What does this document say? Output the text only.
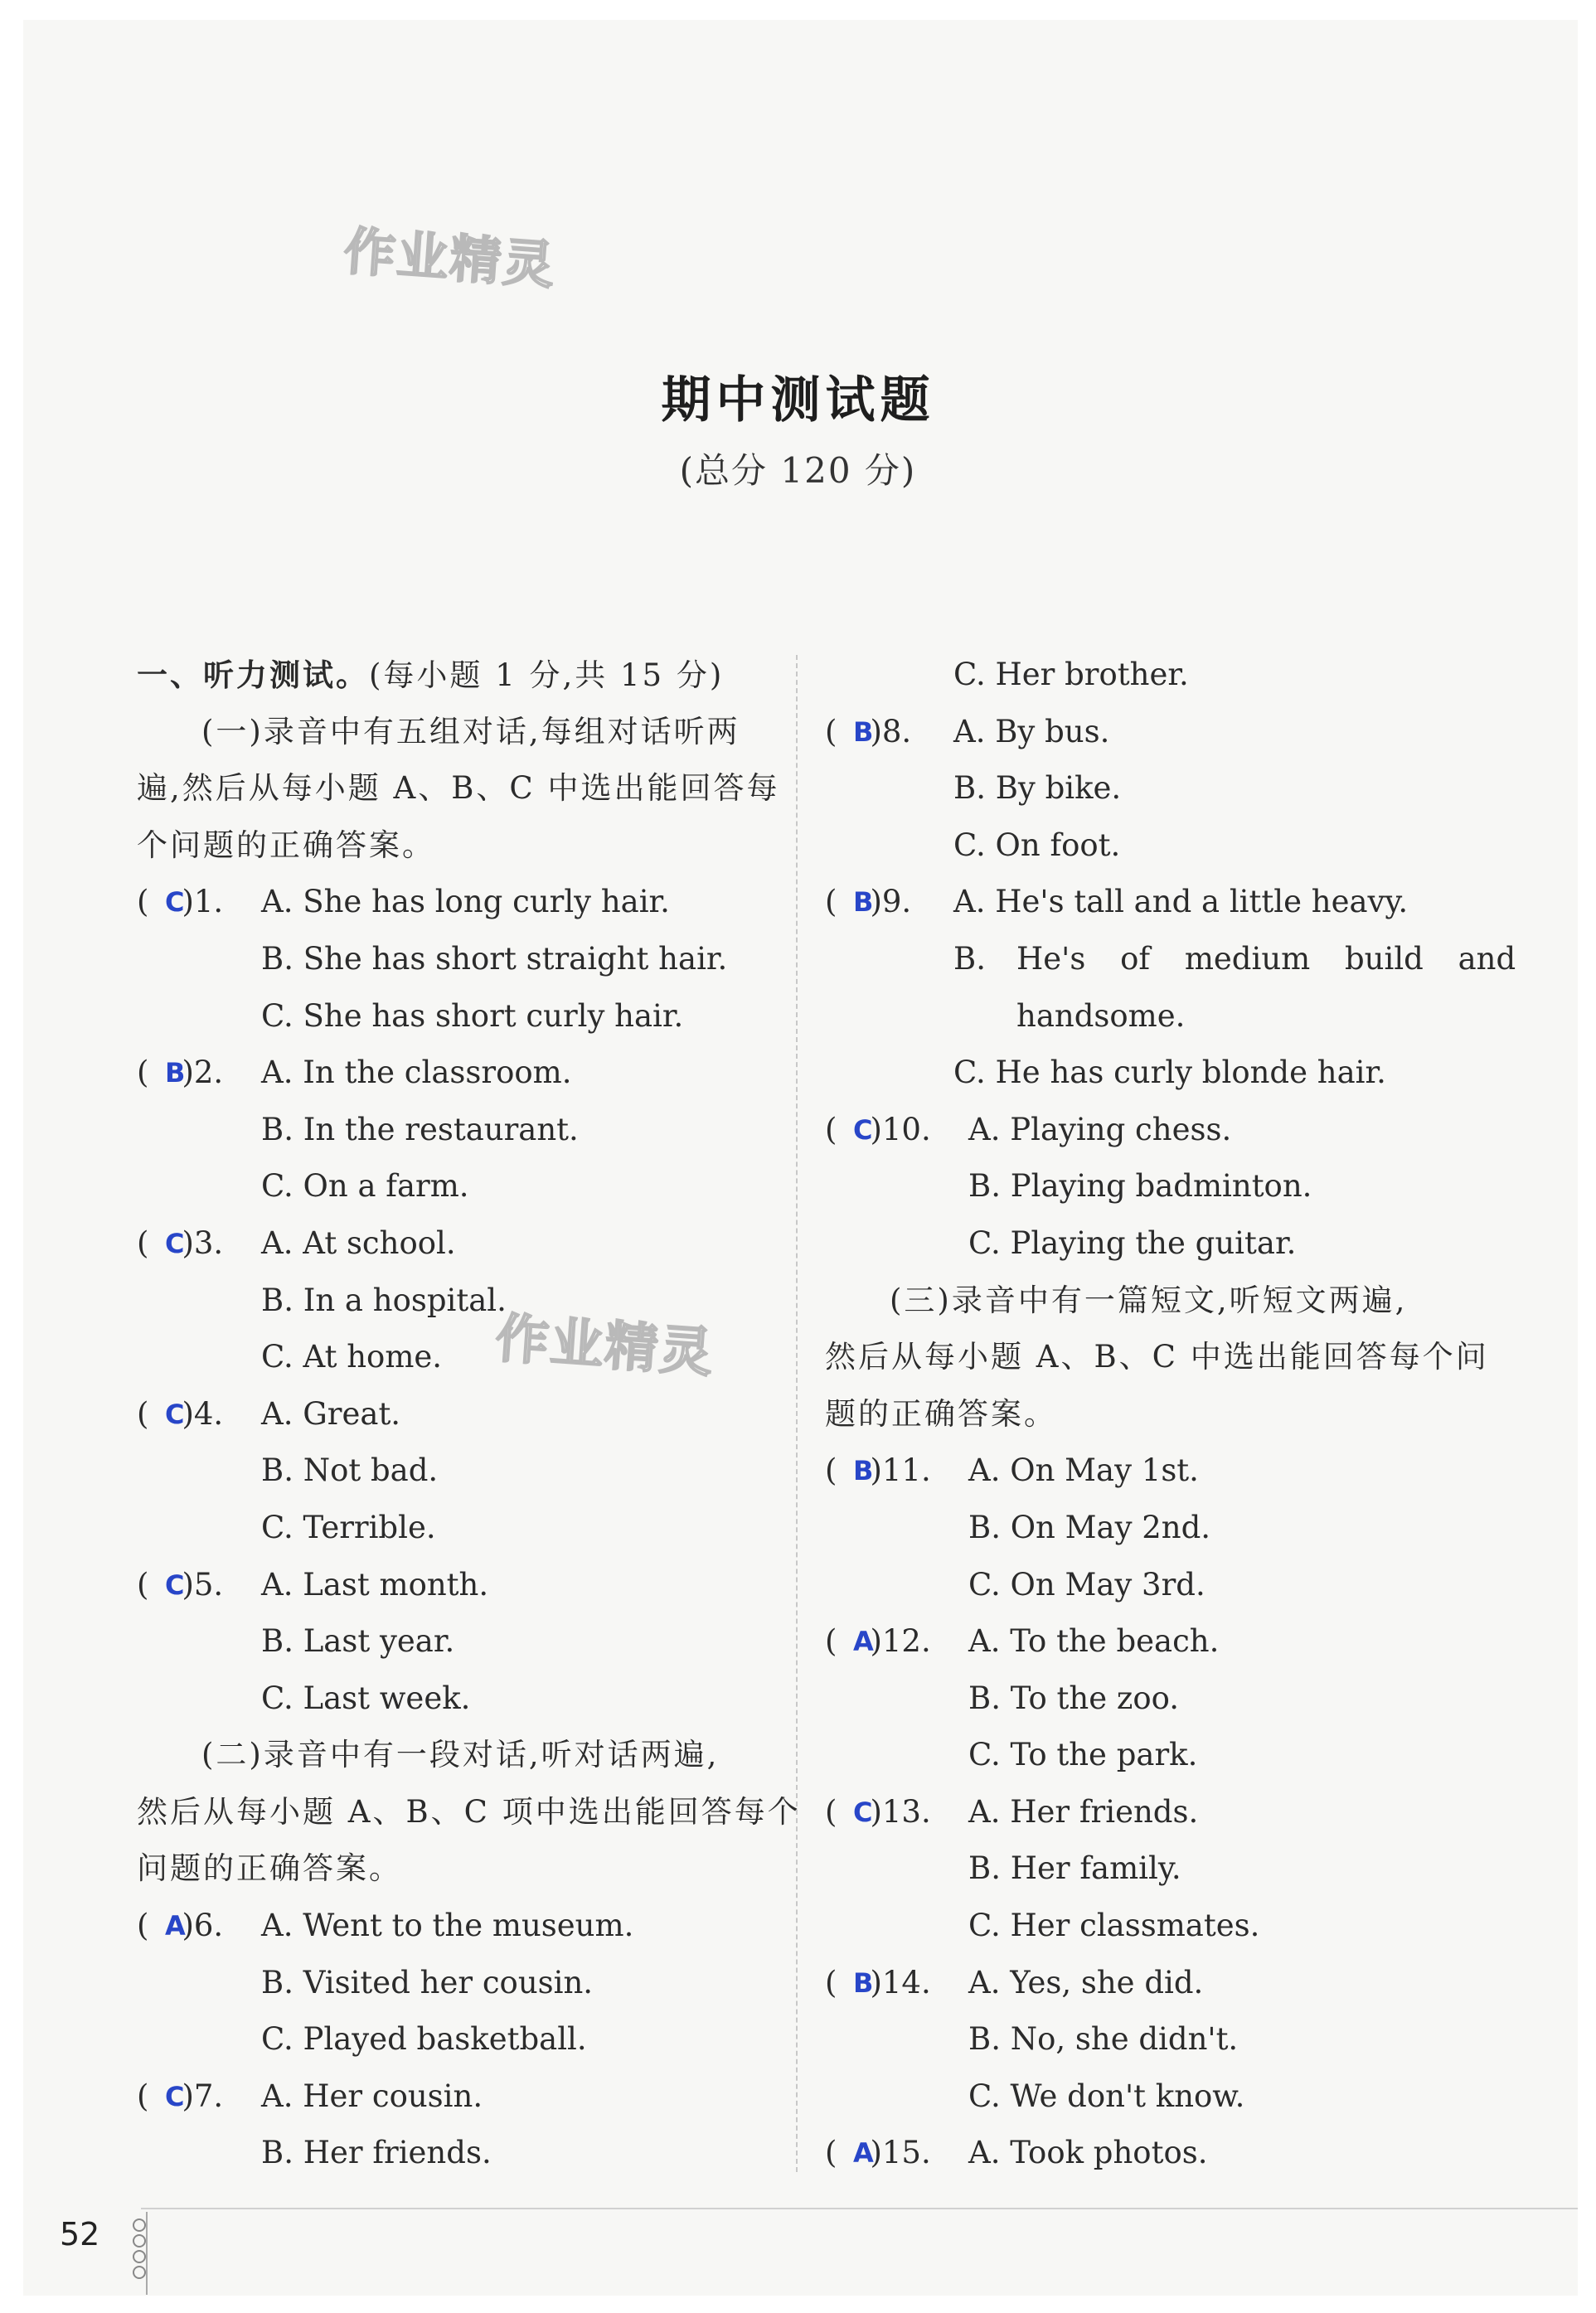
作业精灵
作业精灵
期中测试题
(总分 120 分)
一、听力测试。(每小题 1 分,共 15 分)
(一)录音中有五组对话,每组对话听两
遍,然后从每小题 A、B、C 中选出能回答每
个问题的正确答案。
( C
)1. A. She has long curly hair.
B. She has short straight hair.
C. She has short curly hair.
( B
)2. A. In the classroom.
B. In the restaurant.
C. On a farm.
( C
)3. A. At school.
B. In a hospital.
C. At home.
( C
)4. A. Great.
B. Not bad.
C. Terrible.
( C
)5. A. Last month.
B. Last year.
C. Last week.
(二)录音中有一段对话,听对话两遍,
然后从每小题 A、B、C 项中选出能回答每个
问题的正确答案。
( A
)6. A. Went to the museum.
B. Visited her cousin.
C. Played basketball.
( C
)7. A. Her cousin.
B. Her friends.
C. Her brother.
( B
)8. A. By bus.
B. By bike.
C. On foot.
( B
)9. A. He's tall and a little heavy.
B. He's of medium build and
handsome.
C. He has curly blonde hair.
( C
)10. A. Playing chess.
B. Playing badminton.
C. Playing the guitar.
(三)录音中有一篇短文,听短文两遍,
然后从每小题 A、B、C 中选出能回答每个问
题的正确答案。
( B
)11. A. On May 1st.
B. On May 2nd.
C. On May 3rd.
( A
)12. A. To the beach.
B. To the zoo.
C. To the park.
( C
)13. A. Her friends.
B. Her family.
C. Her classmates.
( B
)14. A. Yes, she did.
B. No, she didn't.
C. We don't know.
( A
)15. A. Took photos.
52
